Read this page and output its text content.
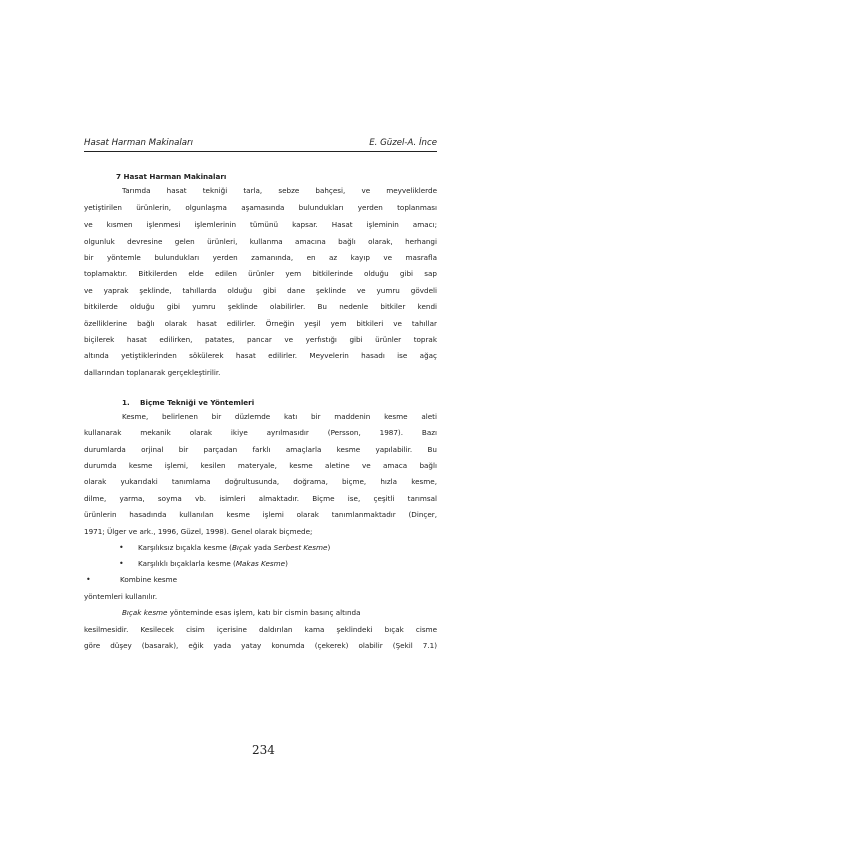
Hasat Harman Makinaları	E. Güzel-A. İnce
7 Hasat Harman Makinaları
Tarımda hasat tekniği tarla, sebze bahçesi, ve meyveliklerde
yetiştirilen ürünlerin, olgunlaşma aşamasında bulundukları yerden toplanması
ve kısmen işlenmesi işlemlerinin tümünü kapsar. Hasat işleminin amacı;
olgunluk devresine gelen ürünleri, kullanma amacına bağlı olarak, herhangi
bir yöntemle bulundukları yerden zamanında, en az kayıp ve masrafla
toplamaktır. Bitkilerden elde edilen ürünler yem bitkilerinde olduğu gibi sap
ve yaprak şeklinde, tahıllarda olduğu gibi dane şeklinde ve yumru gövdeli
bitkilerde olduğu gibi yumru şeklinde olabilirler. Bu nedenle bitkiler kendi
özelliklerine bağlı olarak hasat edilirler. Örneğin yeşil yem bitkileri ve tahıllar
biçilerek hasat edilirken, patates, pancar ve yerfıstığı gibi ürünler toprak
altında yetiştiklerinden sökülerek hasat edilirler. Meyvelerin hasadı ise ağaç
dallarından toplanarak gerçekleştirilir.
1. Biçme Tekniği ve Yöntemleri
Kesme, belirlenen bir düzlemde katı bir maddenin kesme aleti
kullanarak mekanik olarak ikiye ayrılmasıdır (Persson, 1987). Bazı
durumlarda orjinal bir parçadan farklı amaçlarla kesme yapılabilir. Bu
durumda kesme işlemi, kesilen materyale, kesme aletine ve amaca bağlı
olarak yukarıdaki tanımlama doğrultusunda, doğrama, biçme, hızla kesme,
dilme, yarma, soyma vb. isimleri almaktadır. Biçme ise, çeşitli tarımsal
ürünlerin hasadında kullanılan kesme işlemi olarak tanımlanmaktadır (Dinçer,
1971; Ülger ve ark., 1996, Güzel, 1998). Genel olarak biçmede;
• Karşılıksız bıçakla kesme (Bıçak yada Serbest Kesme)
• Karşılıklı bıçaklarla kesme (Makas Kesme)
•	Kombine kesme
yöntemleri kullanılır.
Bıçak kesme yönteminde esas işlem, katı bir cismin basınç altında
kesilmesidir. Kesilecek cisim içerisine daldırılan kama şeklindeki bıçak cisme
göre düşey (basarak), eğik yada yatay konumda (çekerek) olabilir (Şekil 7.1)
234
